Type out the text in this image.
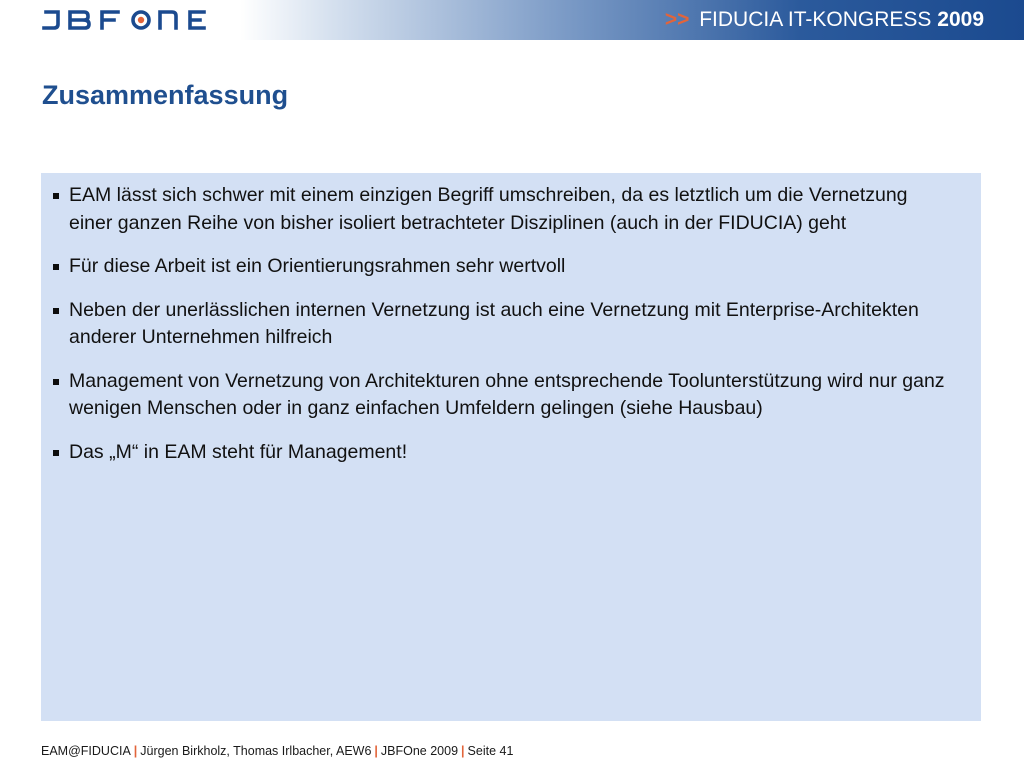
>> FIDUCIA IT-KONGRESS 2009
Zusammenfassung
EAM lässt sich schwer mit einem einzigen Begriff umschreiben, da es letztlich um die Vernetzung einer ganzen Reihe von bisher isoliert betrachteter Disziplinen (auch in der FIDUCIA) geht
Für diese Arbeit ist ein Orientierungsrahmen sehr wertvoll
Neben der unerlässlichen internen Vernetzung ist auch eine Vernetzung mit Enterprise-Architekten anderer Unternehmen hilfreich
Management von Vernetzung von Architekturen ohne entsprechende Toolunterstützung wird nur ganz wenigen Menschen oder in ganz einfachen Umfeldern gelingen (siehe Hausbau)
Das „M“ in EAM steht für Management!
EAM@FIDUCIA | Jürgen Birkholz, Thomas Irlbacher, AEW6 | JBFOne 2009 | Seite 41
